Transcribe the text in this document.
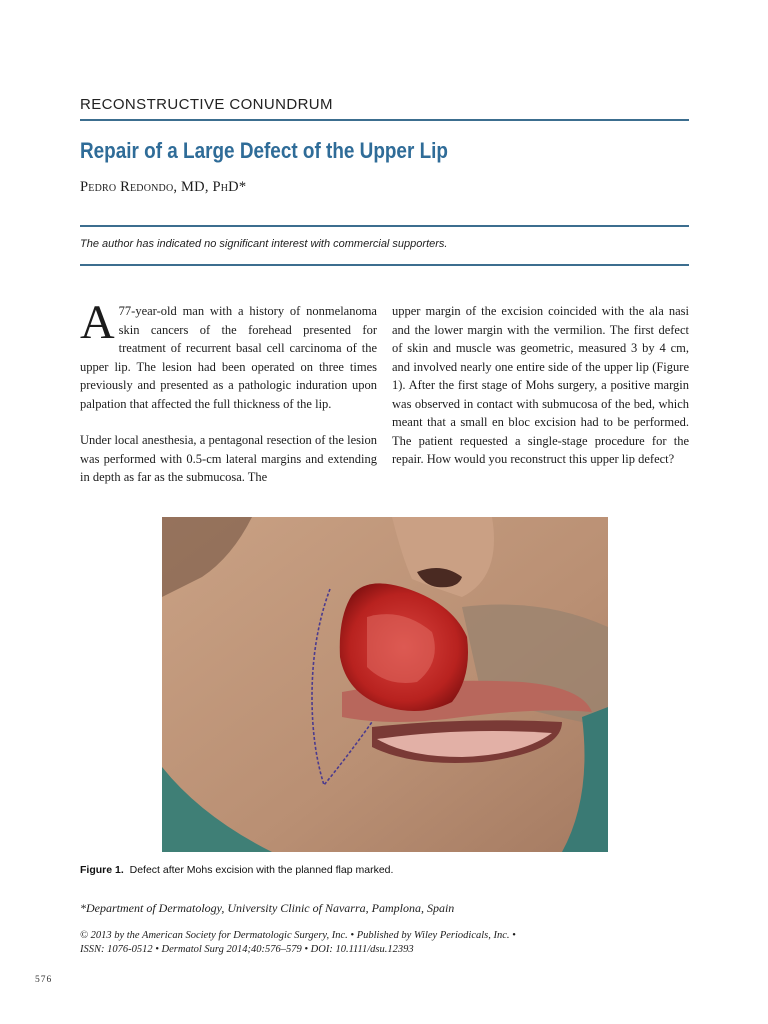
RECONSTRUCTIVE CONUNDRUM
Repair of a Large Defect of the Upper Lip
Pedro Redondo, MD, PhD*
The author has indicated no significant interest with commercial supporters.

A 77-year-old man with a history of nonmelanoma skin cancers of the forehead presented for treatment of recurrent basal cell carcinoma of the upper lip. The lesion had been operated on three times previously and presented as a pathologic induration upon palpation that affected the full thickness of the lip.

Under local anesthesia, a pentagonal resection of the lesion was performed with 0.5-cm lateral margins and extending in depth as far as the submucosa. The

upper margin of the excision coincided with the ala nasi and the lower margin with the vermilion. The first defect of skin and muscle was geometric, measured 3 by 4 cm, and involved nearly one entire side of the upper lip (Figure 1). After the first stage of Mohs surgery, a positive margin was observed in contact with submucosa of the bed, which meant that a small en bloc excision had to be performed. The patient requested a single-stage procedure for the repair. How would you reconstruct this upper lip defect?

Figure 1. Defect after Mohs excision with the planned flap marked.
*Department of Dermatology, University Clinic of Navarra, Pamplona, Spain
© 2013 by the American Society for Dermatologic Surgery, Inc. • Published by Wiley Periodicals, Inc. •
ISSN: 1076-0512 • Dermatol Surg 2014;40:576–579 • DOI: 10.1111/dsu.12393
576
